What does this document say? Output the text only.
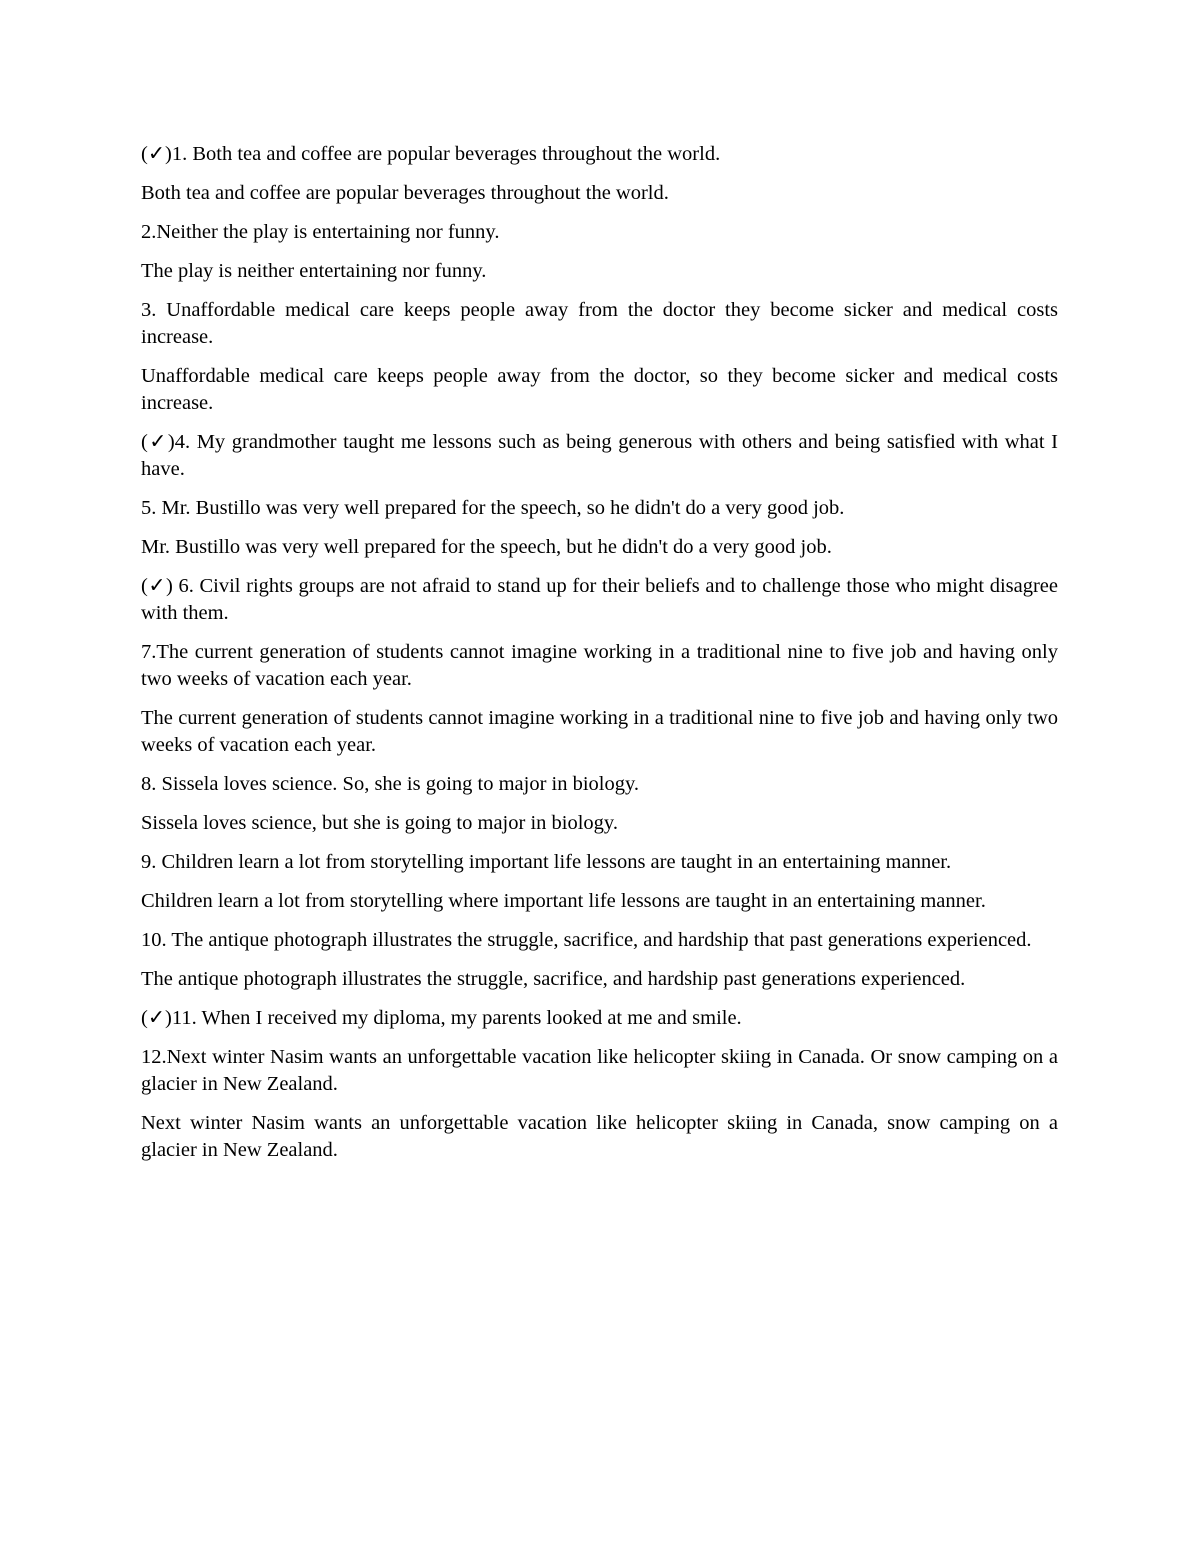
(✓)1. Both tea and coffee are popular beverages throughout the world.

Both tea and coffee are popular beverages throughout the world.

2.Neither the play is entertaining nor funny.

The play is neither entertaining nor funny.

3. Unaffordable medical care keeps people away from the doctor they become sicker and medical costs increase.

Unaffordable medical care keeps people away from the doctor, so they become sicker and medical costs increase.

(✓)4. My grandmother taught me lessons such as being generous with others and being satisfied with what I have.

5. Mr. Bustillo was very well prepared for the speech, so he didn't do a very good job.

Mr. Bustillo was very well prepared for the speech, but he didn't do a very good job.

(✓) 6. Civil rights groups are not afraid to stand up for their beliefs and to challenge those who might disagree with them.

7.The current generation of students cannot imagine working in a traditional nine to five job and having only two weeks of vacation each year.

The current generation of students cannot imagine working in a traditional nine to five job and having only two weeks of vacation each year.

8. Sissela loves science. So, she is going to major in biology.

Sissela loves science, but she is going to major in biology.

9. Children learn a lot from storytelling important life lessons are taught in an entertaining manner.

Children learn a lot from storytelling where important life lessons are taught in an entertaining manner.

10. The antique photograph illustrates the struggle, sacrifice, and hardship that past generations experienced.

The antique photograph illustrates the struggle, sacrifice, and hardship past generations experienced.

(✓)11. When I received my diploma, my parents looked at me and smile.

12.Next winter Nasim wants an unforgettable vacation like helicopter skiing in Canada. Or snow camping on a glacier in New Zealand.

Next winter Nasim wants an unforgettable vacation like helicopter skiing in Canada, snow camping on a glacier in New Zealand.
